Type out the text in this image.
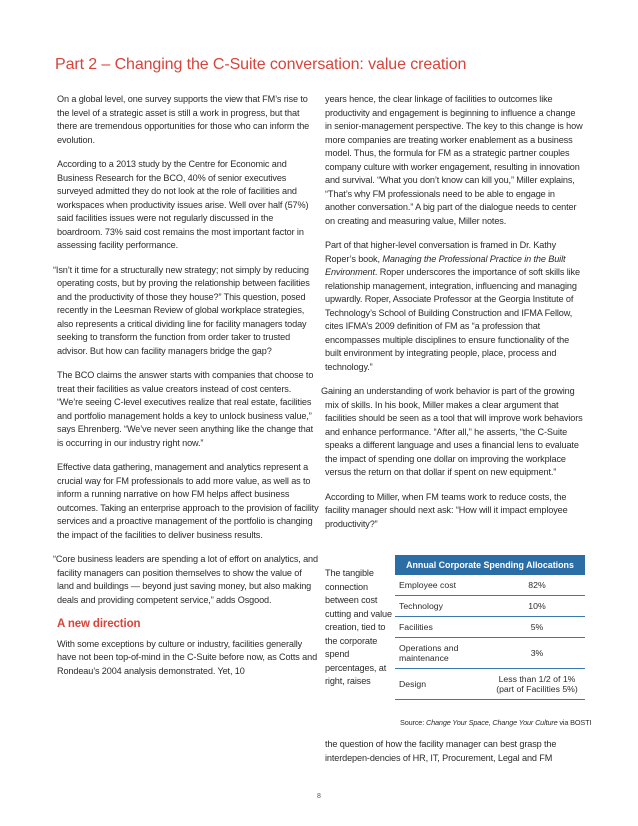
Part 2 – Changing the C-Suite conversation: value creation

On a global level, one survey supports the view that FM’s rise to the level of a strategic asset is still a work in progress, but that there are tremendous opportunities for those who can inform the evolution.

According to a 2013 study by the Centre for Economic and Business Research for the BCO, 40% of senior executives surveyed admitted they do not look at the role of facilities and workspaces when productivity issues arise. Well over half (57%) said facilities issues were not regularly discussed in the boardroom. 73% said cost remains the most important factor in assessing facility performance.

“Isn’t it time for a structurally new strategy; not simply by reducing operating costs, but by proving the relationship between facilities and the productivity of those they house?” This question, posed recently in the Leesman Review of global workplace strategies, also represents a critical dividing line for facility managers today seeking to transform the function from order taker to trusted advisor. But how can facility managers bridge the gap?

The BCO claims the answer starts with companies that choose to treat their facilities as value creators instead of cost centers. “We’re seeing C-level executives realize that real estate, facilities and portfolio management holds a key to unlock business value,” says Ehrenberg. “We’ve never seen anything like the change that is occurring in our industry right now.”

Effective data gathering, management and analytics represent a crucial way for FM professionals to add more value, as well as to inform a running narrative on how FM helps affect business outcomes. Taking an enterprise approach to the provision of facility services and a proactive management of the portfolio is changing the impact of the facilities to deliver business results.

“Core business leaders are spending a lot of effort on analytics, and facility managers can position themselves to show the value of land and buildings — beyond just saving money, but also making deals and providing competent service,” adds Osgood.

A new direction

With some exceptions by culture or industry, facilities generally have not been top-of-mind in the C-Suite before now, as Cotts and Rondeau’s 2004 analysis demonstrated. Yet, 10

years hence, the clear linkage of facilities to outcomes like productivity and engagement is beginning to influence a change in senior-management perspective. The key to this change is how more companies are treating worker enablement as a business model. Thus, the formula for FM as a strategic partner couples company culture with worker engagement, resulting in innovation and survival. “What you don’t know can kill you,” Miller explains, “That’s why FM professionals need to be able to engage in another conversation.” A big part of the dialogue needs to center on creating and measuring value, Miller notes.

Part of that higher-level conversation is framed in Dr. Kathy Roper’s book, Managing the Professional Practice in the Built Environment. Roper underscores the importance of soft skills like relationship management, integration, influencing and managing upwardly. Roper, Associate Professor at the Georgia Institute of Technology’s School of Building Construction and IFMA Fellow, cites IFMA’s 2009 definition of FM as “a profession that encompasses multiple disciplines to ensure functionality of the built environment by integrating people, place, process and technology.”

Gaining an understanding of work behavior is part of the growing mix of skills. In his book, Miller makes a clear argument that facilities should be seen as a tool that will improve work behaviors and enhance performance. “After all,” he asserts, “the C-Suite speaks a different language and uses a financial lens to evaluate the impact of spending one dollar on improving the workplace versus the return on that dollar if spent on new equipment.”

According to Miller, when FM teams work to reduce costs, the facility manager should next ask: “How will it impact employee productivity?”

The tangible connection between cost cutting and value creation, tied to the corporate spend percentages, at right, raises
Annual Corporate Spending Allocations	
Employee cost	82%
Technology	10%
Facilities	5%
Operations and maintenance	3%
Design	Less than 1/2 of 1% (part of Facilities 5%)
Source: Change Your Space, Change Your Culture via BOSTI
the question of how the facility manager can best grasp the interdepen-dencies of HR, IT, Procurement, Legal and FM
8
